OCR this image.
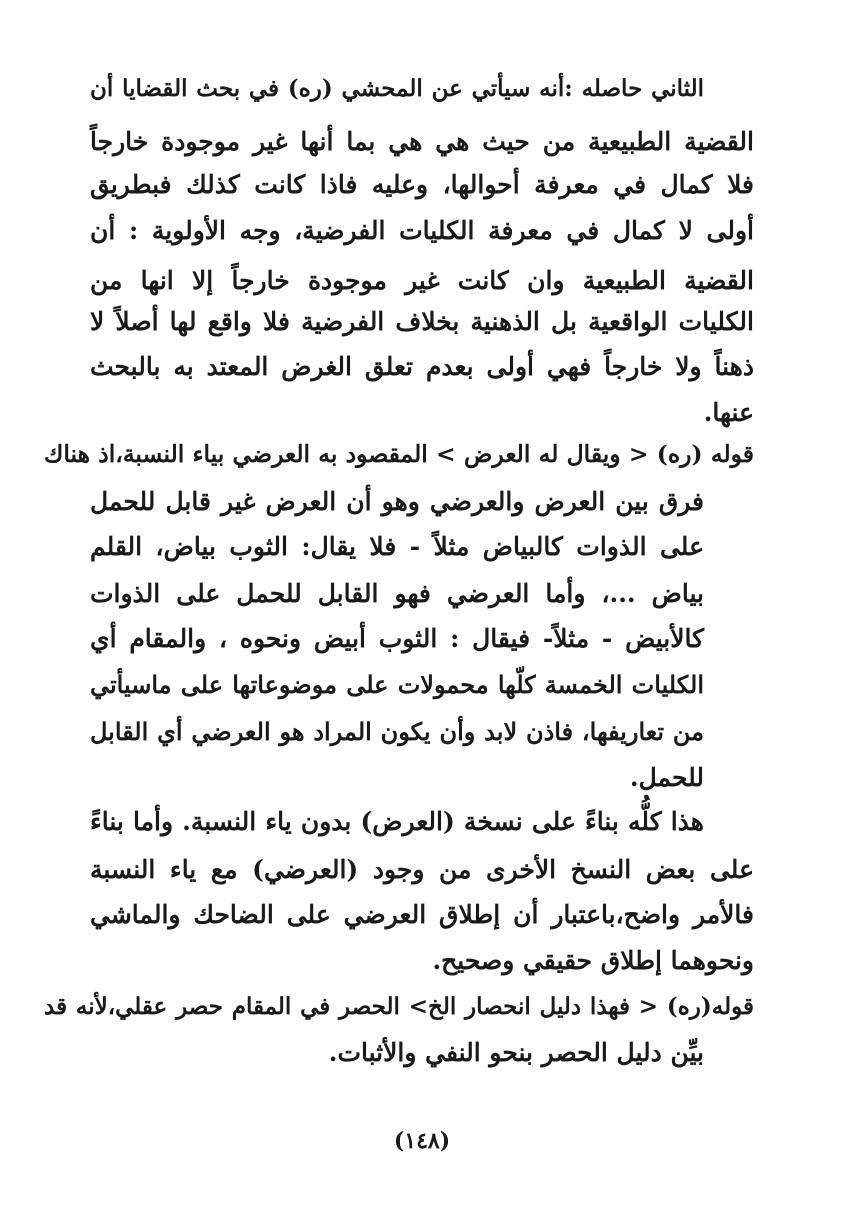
الثاني حاصله :أنه سيأتي عن المحشي (ره) في بحث القضايا أن
القضية الطبيعية من حيث هي هي بما أنها غير موجودة خارجاً
فلا كمال في معرفة أحوالها، وعليه فاذا كانت كذلك فبطريق
أولى لا كمال في معرفة الكليات الفرضية، وجه الأولوية : أن
القضية الطبيعية وان كانت غير موجودة خارجاً إلا انها من
الكليات الواقعية بل الذهنية بخلاف الفرضية فلا واقع لها أصلاً لا
ذهناً ولا خارجاً فهي أولى بعدم تعلق الغرض المعتد به بالبحث
عنها.
قوله (ره) < ويقال له العرض > المقصود به العرضي بياء النسبة،اذ هناك
فرق بين العرض والعرضي وهو أن العرض غير قابل للحمل
على الذوات كالبياض مثلاً - فلا يقال: الثوب بياض، القلم
بياض ...، وأما العرضي فهو القابل للحمل على الذوات
كالأبيض - مثلاً- فيقال : الثوب أبيض ونحوه ، والمقام أي
الكليات الخمسة كلّها محمولات على موضوعاتها على ماسيأتي
من تعاريفها، فاذن لابد وأن يكون المراد هو العرضي أي القابل
للحمل.
هذا كلُّه بناءً على نسخة (العرض) بدون ياء النسبة. وأما بناءً
على بعض النسخ الأخرى من وجود (العرضي) مع ياء النسبة
فالأمر واضح،باعتبار أن إطلاق العرضي على الضاحك والماشي
ونحوهما إطلاق حقيقي وصحيح.
قوله(ره) < فهذا دليل انحصار الخ> الحصر في المقام حصر عقلي،لأنه قد
بيِّن دليل الحصر بنحو النفي والأثبات.
(١٤٨)
